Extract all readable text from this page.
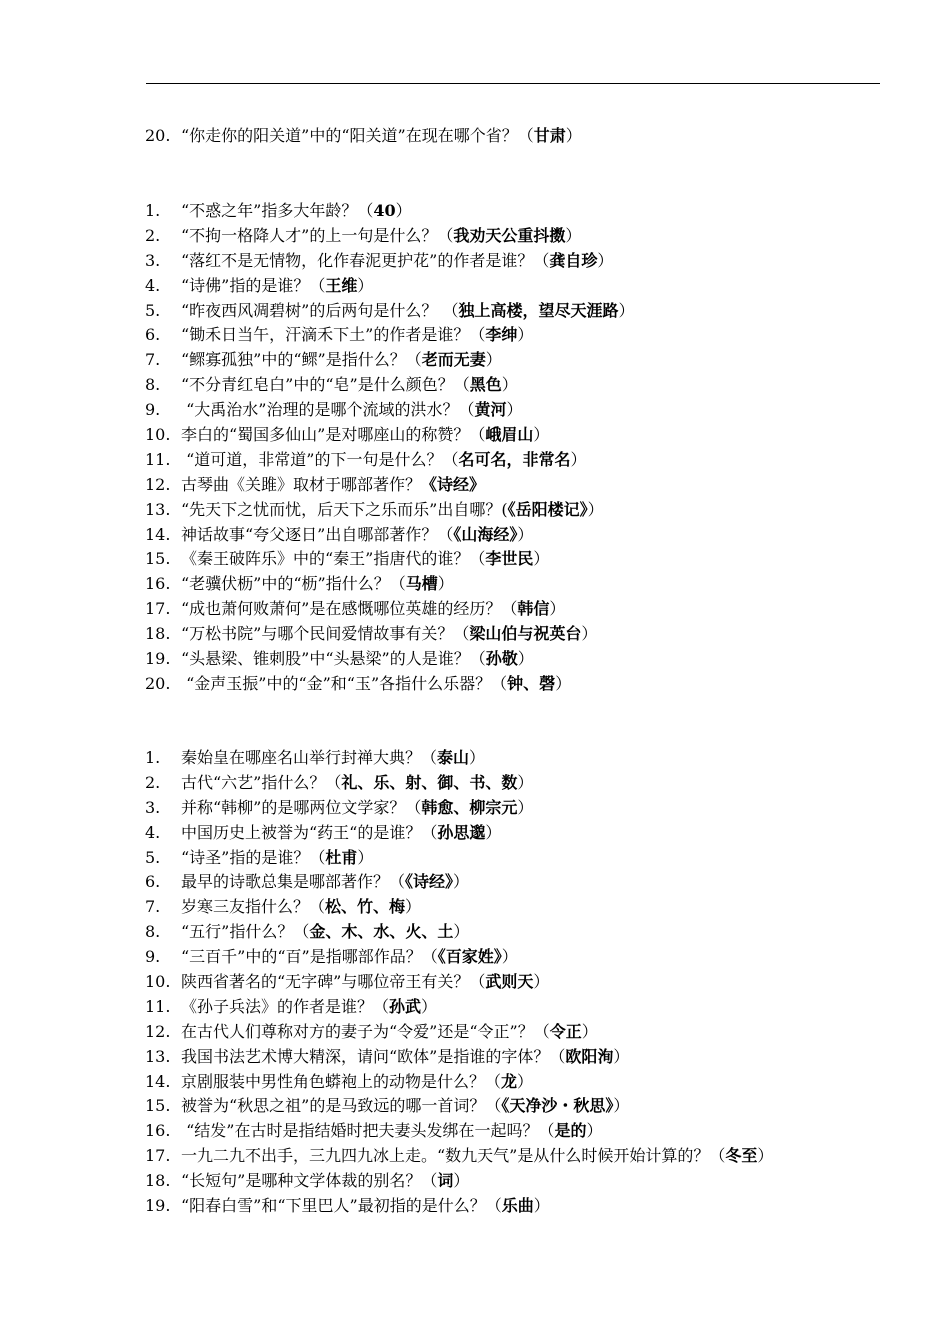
20. “你走你的阳关道”中的“阳关道”在现在哪个省？（甘肃）
1. “不惑之年”指多大年龄？（40）
2. “不拘一格降人才”的上一句是什么？（我劝天公重抖擞）
3. “落红不是无情物，化作春泥更护花”的作者是谁？（龚自珍）
4. “诗佛”指的是谁？（王维）
5. “昨夜西风凋碧树”的后两句是什么？ （独上高楼，望尽天涯路）
6. “锄禾日当午，汗滴禾下土”的作者是谁？（李绅）
7. “鳏寡孤独”中的“鳏”是指什么？（老而无妻）
8. “不分青红皂白”中的“皂”是什么颜色？（黑色）
9. “大禹治水”治理的是哪个流域的洪水？（黄河）
10. 李白的“蜀国多仙山”是对哪座山的称赞？（峨眉山）
11. “道可道，非常道”的下一句是什么？（名可名，非常名）
12. 古琴曲《关雎》取材于哪部著作？《诗经》
13. “先天下之忧而忧，后天下之乐而乐”出自哪？(《岳阳楼记》）
14. 神话故事“夸父逐日”出自哪部著作？（《山海经》）
15. 《秦王破阵乐》中的“秦王”指唐代的谁？（李世民）
16. “老骥伏枥”中的“枥”指什么？（马槽）
17. “成也萧何败萧何”是在感慨哪位英雄的经历？（韩信）
18. “万松书院”与哪个民间爱情故事有关？（梁山伯与祝英台）
19. “头悬梁、锥刺股”中“头悬梁”的人是谁？（孙敬）
20. “金声玉振”中的“金”和“玉”各指什么乐器？（钟、磬）
1. 秦始皇在哪座名山举行封禅大典？（泰山）
2. 古代“六艺”指什么？（礼、乐、射、御、书、数）
3. 并称“韩柳”的是哪两位文学家？（韩愈、柳宗元）
4. 中国历史上被誉为“药王“的是谁？（孙思邈）
5. “诗圣”指的是谁？（杜甫）
6. 最早的诗歌总集是哪部著作？（《诗经》）
7. 岁寒三友指什么？（松、竹、梅）
8. “五行”指什么？（金、木、水、火、土）
9. “三百千”中的“百”是指哪部作品？（《百家姓》）
10. 陕西省著名的“无字碑”与哪位帝王有关？（武则天）
11. 《孙子兵法》的作者是谁？（孙武）
12. 在古代人们尊称对方的妻子为“令爱”还是“令正”？（令正）
13. 我国书法艺术博大精深，请问“欧体”是指谁的字体？（欧阳洵）
14. 京剧服装中男性角色蟒袍上的动物是什么？（龙）
15. 被誉为“秋思之祖”的是马致远的哪一首词？（《天净沙・秋思》）
16. “结发”在古时是指结婚时把夫妻头发绑在一起吗？（是的）
17. 一九二九不出手，三九四九冰上走。“数九天气”是从什么时候开始计算的？（冬至）
18. “长短句”是哪种文学体裁的别名？（词）
19. “阳春白雪”和“下里巴人”最初指的是什么？（乐曲）
